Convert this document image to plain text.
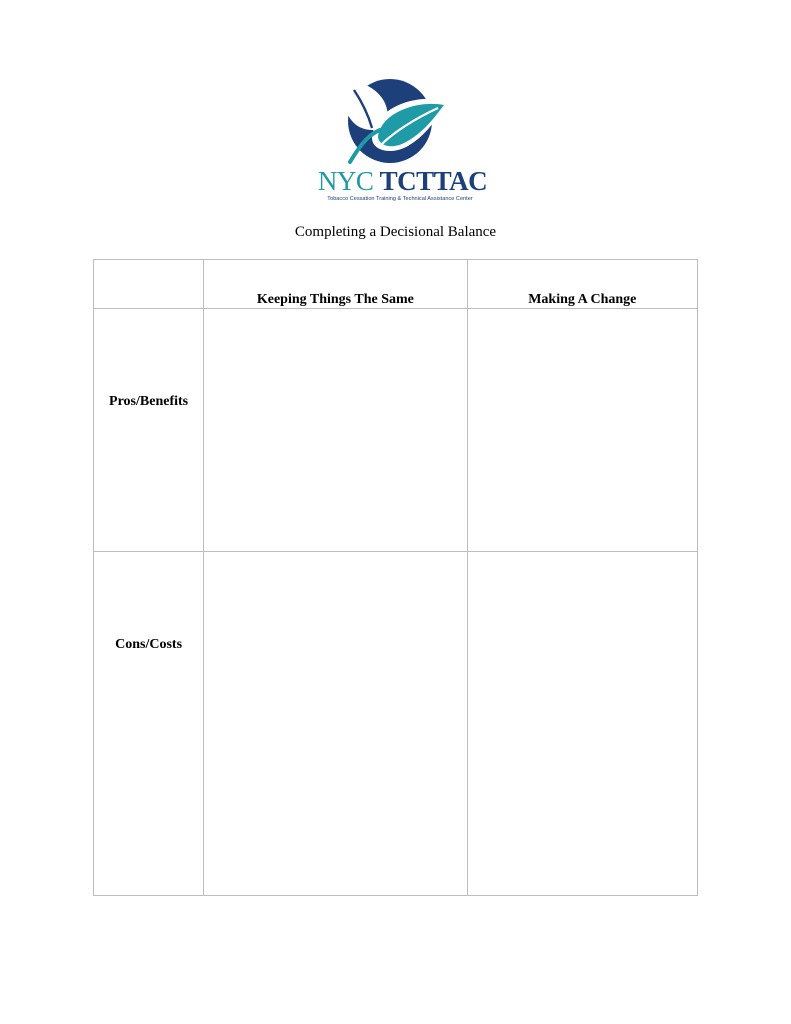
NYC TCTTAC
Tobacco Cessation Training & Technical Assistance Center
Completing a Decisional Balance
	Keeping Things The Same	Making A Change
Pros/Benefits		
Cons/Costs		
